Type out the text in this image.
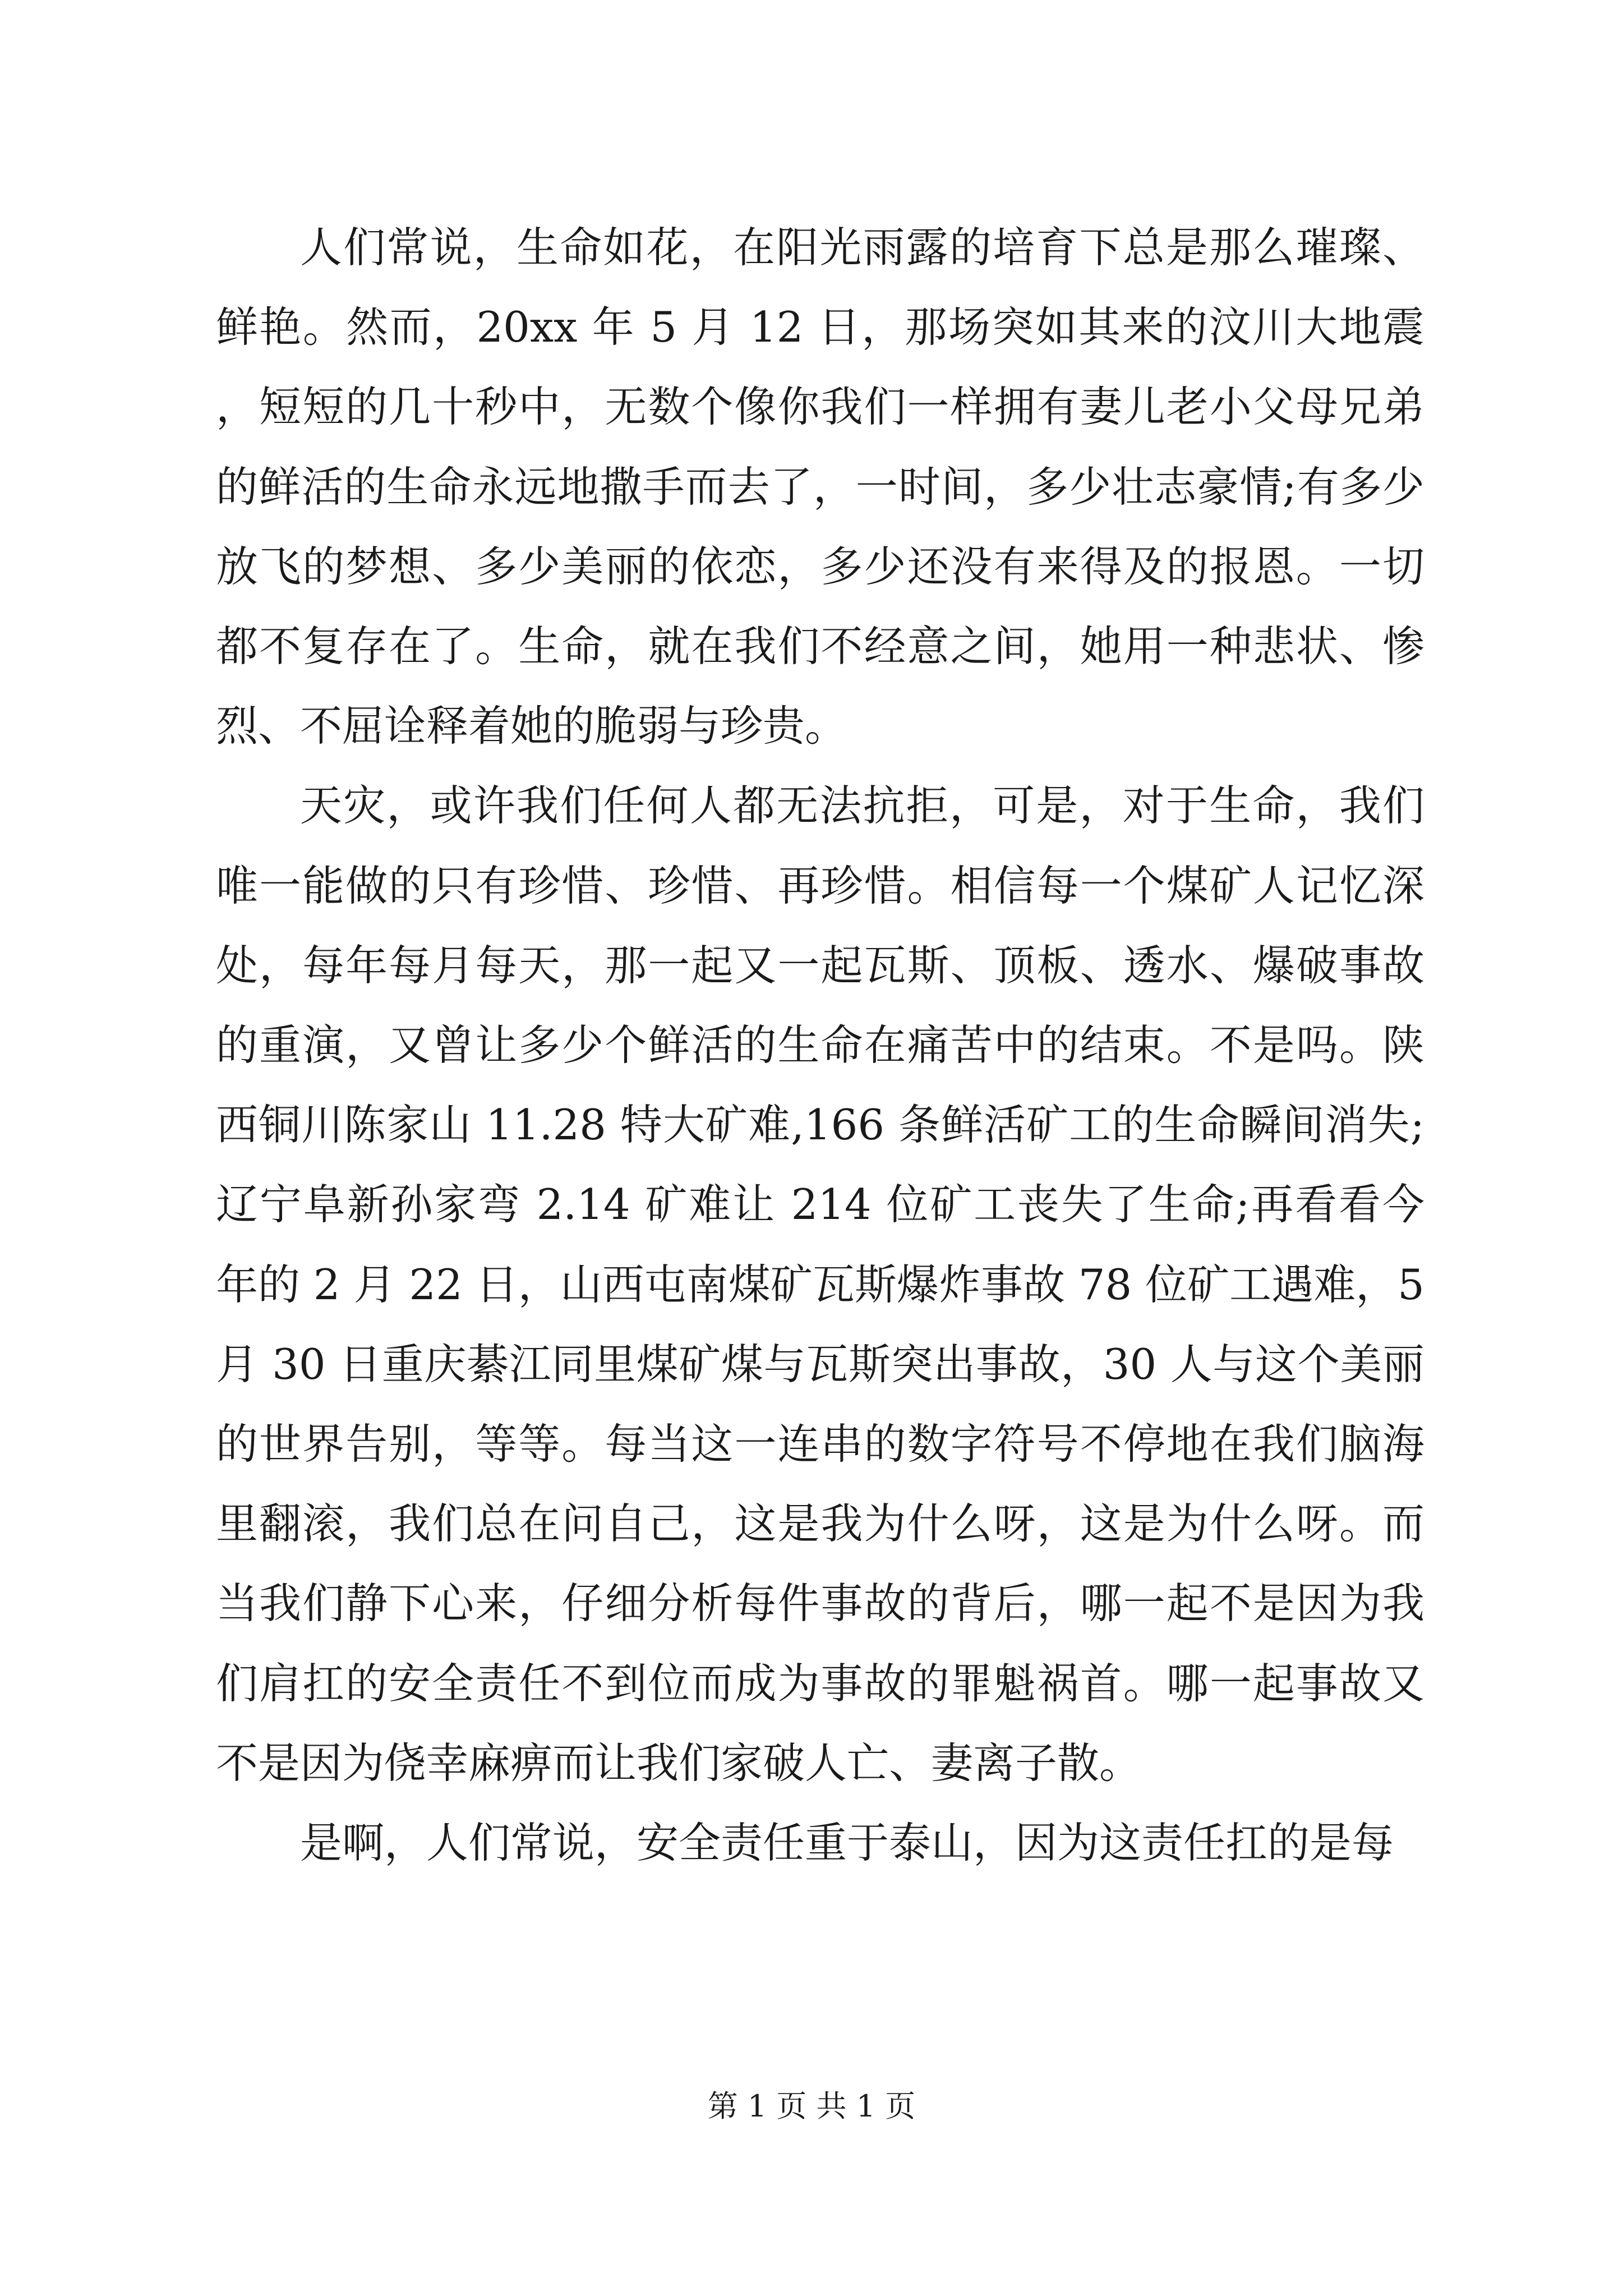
人们常说，生命如花，在阳光雨露的培育下总是那么璀璨、鲜艳。然而，20xx 年 5 月 12 日，那场突如其来的汶川大地震，短短的几十秒中，无数个像你我们一样拥有妻儿老小父母兄弟的鲜活的生命永远地撒手而去了，一时间，多少壮志豪情;有多少放飞的梦想、多少美丽的依恋，多少还没有来得及的报恩。一切都不复存在了。生命，就在我们不经意之间，她用一种悲状、惨烈、不屈诠释着她的脆弱与珍贵。

天灾，或许我们任何人都无法抗拒，可是，对于生命，我们唯一能做的只有珍惜、珍惜、再珍惜。相信每一个煤矿人记忆深处，每年每月每天，那一起又一起瓦斯、顶板、透水、爆破事故的重演，又曾让多少个鲜活的生命在痛苦中的结束。不是吗。陕西铜川陈家山 11.28 特大矿难,166 条鲜活矿工的生命瞬间消失;辽宁阜新孙家弯 2.14 矿难让 214 位矿工丧失了生命;再看看今年的 2 月 22 日，山西屯南煤矿瓦斯爆炸事故 78 位矿工遇难，5 月 30 日重庆綦江同里煤矿煤与瓦斯突出事故，30 人与这个美丽的世界告别，等等。每当这一连串的数字符号不停地在我们脑海里翻滚，我们总在问自己，这是我为什么呀，这是为什么呀。而当我们静下心来，仔细分析每件事故的背后，哪一起不是因为我们肩扛的安全责任不到位而成为事故的罪魁祸首。哪一起事故又不是因为侥幸麻痹而让我们家破人亡、妻离子散。

是啊，人们常说，安全责任重于泰山，因为这责任扛的是每

第 1 页 共 1 页
